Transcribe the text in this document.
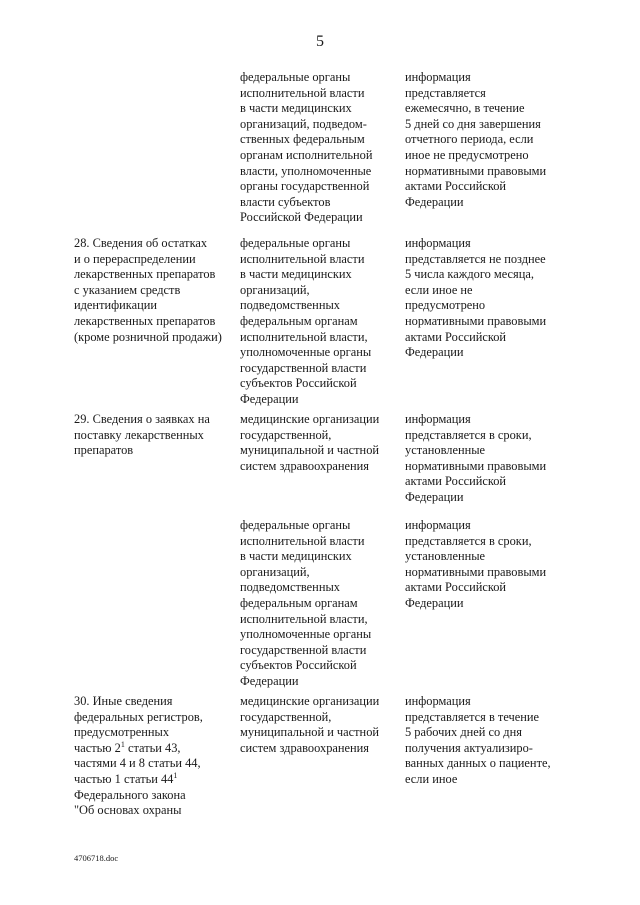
5
федеральные органы
исполнительной власти
в части медицинских
организаций, подведом-
ственных федеральным
органам исполнительной
власти, уполномоченные
органы государственной
власти субъектов
Российской Федерации
информация
представляется
ежемесячно, в течение
5 дней со дня завершения
отчетного периода, если
иное не предусмотрено
нормативными правовыми
актами Российской
Федерации
28. Сведения об остатках
и о перераспределении
лекарственных препаратов
с указанием средств
идентификации
лекарственных препаратов
(кроме розничной продажи)
федеральные органы
исполнительной власти
в части медицинских
организаций,
подведомственных
федеральным органам
исполнительной власти,
уполномоченные органы
государственной власти
субъектов Российской
Федерации
информация
представляется не позднее
5 числа каждого месяца,
если иное не
предусмотрено
нормативными правовыми
актами Российской
Федерации
29. Сведения о заявках на
поставку лекарственных
препаратов
медицинские организации
государственной,
муниципальной и частной
систем здравоохранения
информация
представляется в сроки,
установленные
нормативными правовыми
актами Российской
Федерации
федеральные органы
исполнительной власти
в части медицинских
организаций,
подведомственных
федеральным органам
исполнительной власти,
уполномоченные органы
государственной власти
субъектов Российской
Федерации
информация
представляется в сроки,
установленные
нормативными правовыми
актами Российской
Федерации
30. Иные сведения
федеральных регистров,
предусмотренных
частью $2^1$ статьи 43,
частями 4 и 8 статьи 44,
частью 1 статьи $44^1$
Федерального закона
"Об основах охраны
медицинские организации
государственной,
муниципальной и частной
систем здравоохранения
информация
представляется в течение
5 рабочих дней со дня
получения актуализиро-
ванных данных о пациенте,
если иное
4706718.doc
